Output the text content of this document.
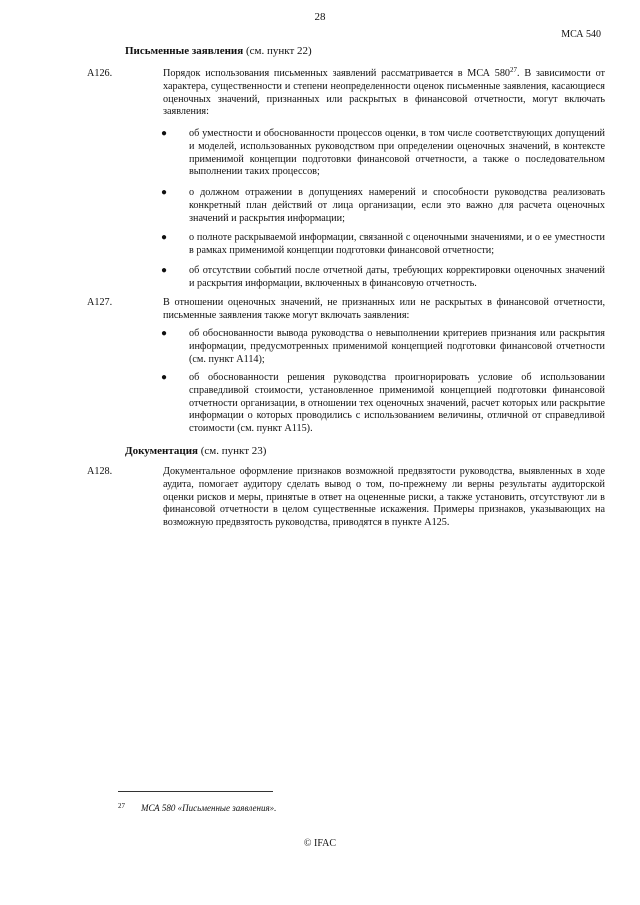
28
МСА 540
Письменные заявления (см. пункт 22)
А126.	Порядок использования письменных заявлений рассматривается в МСА $580^{27}$. В зависимости от характера, существенности и степени неопределенности оценок письменные заявления, касающиеся оценочных значений, признанных или раскрытых в финансовой отчетности, могут включать заявления:
● об уместности и обоснованности процессов оценки, в том числе соответствующих допущений и моделей, использованных руководством при определении оценочных значений, в контексте применимой концепции подготовки финансовой отчетности, а также о последовательном выполнении таких процессов;
● о должном отражении в допущениях намерений и способности руководства реализовать конкретный план действий от лица организации, если это важно для расчета оценочных значений и раскрытия информации;
● о полноте раскрываемой информации, связанной с оценочными значениями, и о ее уместности в рамках применимой концепции подготовки финансовой отчетности;
● об отсутствии событий после отчетной даты, требующих корректировки оценочных значений и раскрытия информации, включенных в финансовую отчетность.
А127.	В отношении оценочных значений, не признанных или не раскрытых в финансовой отчетности, письменные заявления также могут включать заявления:
● об обоснованности вывода руководства о невыполнении критериев признания или раскрытия информации, предусмотренных применимой концепцией подготовки финансовой отчетности (см. пункт А114);
● об обоснованности решения руководства проигнорировать условие об использовании справедливой стоимости, установленное применимой концепцией подготовки финансовой отчетности организации, в отношении тех оценочных значений, расчет которых или раскрытие информации о которых проводились с использованием величины, отличной от справедливой стоимости (см. пункт А115).
Документация (см. пункт 23)
А128.	Документальное оформление признаков возможной предвзятости руководства, выявленных в ходе аудита, помогает аудитору сделать вывод о том, по-прежнему ли верны результаты аудиторской оценки рисков и меры, принятые в ответ на оцененные риски, а также установить, отсутствуют ли в финансовой отчетности в целом существенные искажения. Примеры признаков, указывающих на возможную предвзятость руководства, приводятся в пункте А125.
$^{27}$ МСА 580 «Письменные заявления».
© IFAC
